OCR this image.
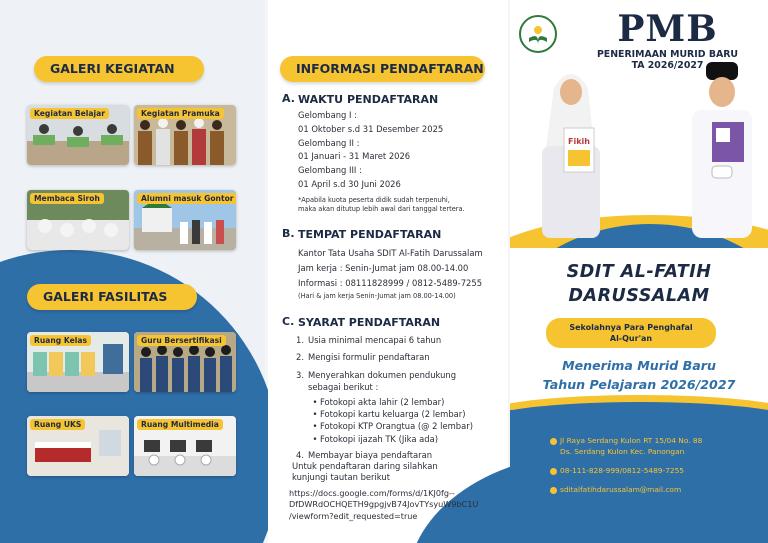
GALERI KEGIATAN
Kegiatan Belajar	Kegiatan Pramuka
Membaca Siroh	Alumni masuk Gontor
GALERI FASILITAS
Ruang Kelas	Guru Bersertifikasi
Ruang UKS	Ruang Multimedia
INFORMASI PENDAFTARAN
A. WAKTU PENDAFTARAN
Gelombang I :
01 Oktober s.d 31 Desember 2025
Gelombang II :
01 Januari - 31 Maret 2026
Gelombang III :
01 April s.d 30 Juni 2026
*Apabila kuota peserta didik sudah terpenuhi,
maka akan ditutup lebih awal dari tanggal tertera.
B. TEMPAT PENDAFTARAN
Kantor Tata Usaha SDIT Al-Fatih Darussalam
Jam kerja : Senin-Jumat jam 08.00-14.00
Informasi : 08111828999 / 0812-5489-7255
(Hari & jam kerja Senin-Jumat jam 08.00-14.00)
C. SYARAT PENDAFTARAN
1. Usia minimal mencapai 6 tahun
2. Mengisi formulir pendaftaran
3. Menyerahkan dokumen pendukung
sebagai berikut :
• Fotokopi akta lahir (2 lembar)
• Fotokopi kartu keluarga (2 lembar)
• Fotokopi KTP Orangtua (@ 2 lembar)
• Fotokopi ijazah TK (Jika ada)
4. Membayar biaya pendaftaran
Untuk pendaftaran daring silahkan
kunjungi tautan berikut
https://docs.google.com/forms/d/1KJ0fg--
DfDWRdOCHQETH9gpgjvB74JovTYsyuW9bC1U
/viewform?edit_requested=true
PMB
PENERIMAAN MURID BARU
TA 2026/2027
Fikih
SDIT AL-FATIH
DARUSSALAM
Sekolahnya Para Penghafal
Al-Qur'an
Menerima Murid Baru
Tahun Pelajaran 2026/2027
Jl Raya Serdang Kulon RT 15/04 No. 88
Ds. Serdang Kulon Kec. Panongan
08-111-828-999/0812-5489-7255
sditalfatihdarussalam@mail.com
